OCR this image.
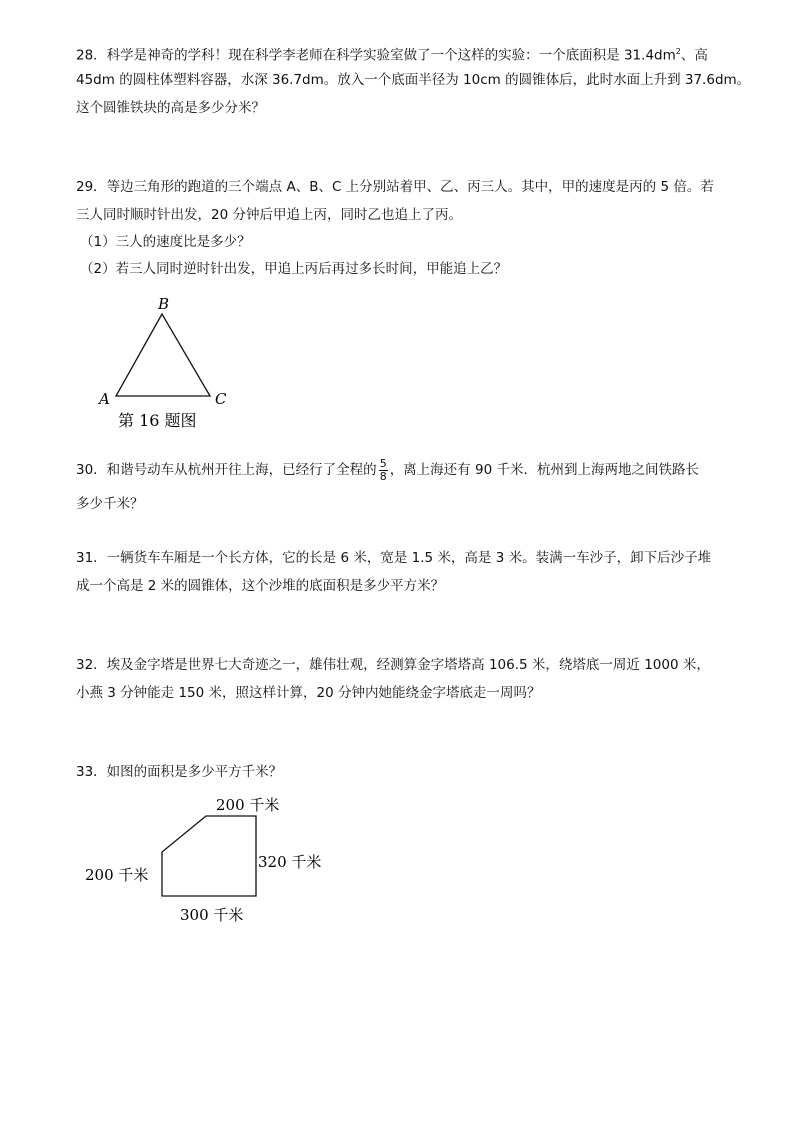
28．科学是神奇的学科！现在科学李老师在科学实验室做了一个这样的实验：一个底面积是 $31.4dm^2$、高
45dm 的圆柱体塑料容器，水深 36.7dm。放入一个底面半径为 10cm 的圆锥体后，此时水面上升到 37.6dm。
这个圆锥铁块的高是多少分米？
29．等边三角形的跑道的三个端点 A、B、C 上分别站着甲、乙、丙三人。其中，甲的速度是丙的 5 倍。若
三人同时顺时针出发，20 分钟后甲追上丙，同时乙也追上了丙。
（1）三人的速度比是多少？
（2）若三人同时逆时针出发，甲追上丙后再过多长时间，甲能追上乙？
B
A	C
第 16 题图
30．和谐号动车从杭州开往上海，已经行了全程的 $\frac{5}{8}$ ，离上海还有 90 千米．杭州到上海两地之间铁路长
多少千米？
31．一辆货车车厢是一个长方体，它的长是 6 米，宽是 1.5 米，高是 3 米。装满一车沙子，卸下后沙子堆
成一个高是 2 米的圆锥体，这个沙堆的底面积是多少平方米？
32．埃及金字塔是世界七大奇迹之一，雄伟壮观，经测算金字塔塔高 106.5 米，绕塔底一周近 1000 米，
小燕 3 分钟能走 150 米，照这样计算，20 分钟内她能绕金字塔底走一周吗？
33．如图的面积是多少平方千米？
200 千米
200 千米
320 千米
300 千米
